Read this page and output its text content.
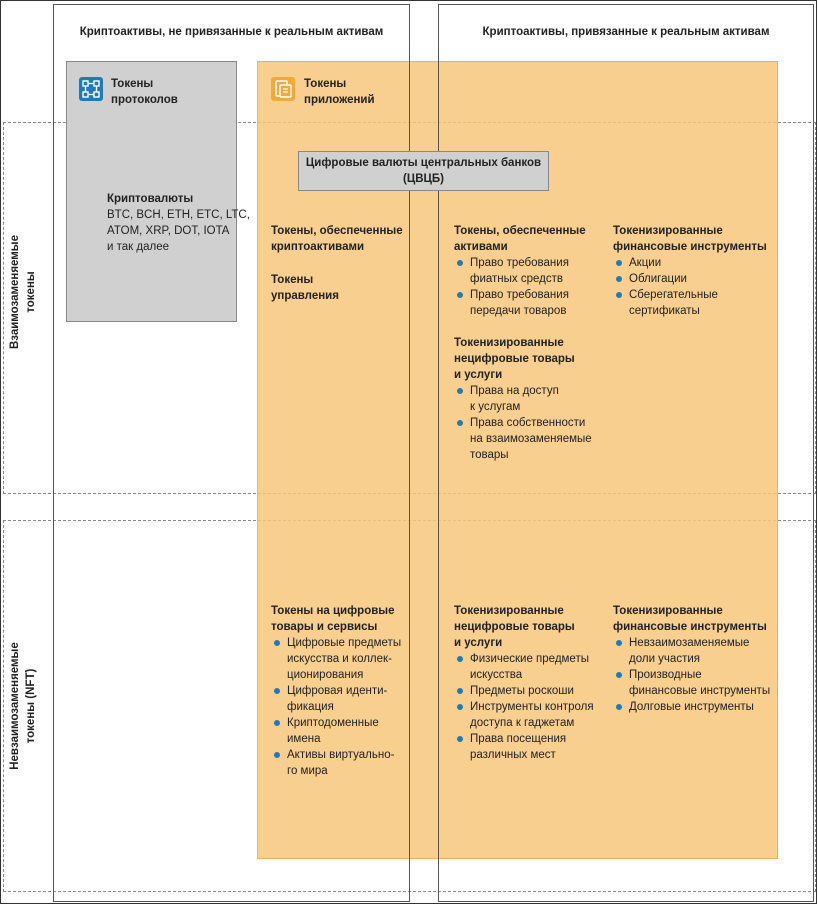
Криптоактивы, не привязанные к реальным активам	Криптоактивы, привязанные к реальным активам
Взаимозаменяемые токены
Невзаимозаменяемые токены (NFT)
Токены
протоколов
Криптовалюты
BTC, BCH, ETH, ETC, LTC,
ATOM, XRP, DOT, IOTA
и так далее
Токены
приложений
Цифровые валюты центральных банков
(ЦВЦБ)
Токены, обеспеченные
криптоактивами
Токены
управления
Токены, обеспеченные
активами
Право требования
фиатных средств
Право требования
передачи товаров
Токенизированные
финансовые инструменты
Акции
Облигации
Сберегательные
сертификаты
Токенизированные
нецифровые товары
и услуги
Права на доступ
к услугам
Права собственности
на взаимозаменяемые
товары
Токены на цифровые
товары и сервисы
Цифровые предметы
искусства и коллек-
ционирования
Цифровая иденти-
фикация
Криптодоменные
имена
Активы виртуально-
го мира
Токенизированные
нецифровые товары
и услуги
Физические предметы
искусства
Предметы роскоши
Инструменты контроля
доступа к гаджетам
Права посещения
различных мест
Токенизированные
финансовые инструменты
Невзаимозаменяемые
доли участия
Производные
финансовые инструменты
Долговые инструменты
